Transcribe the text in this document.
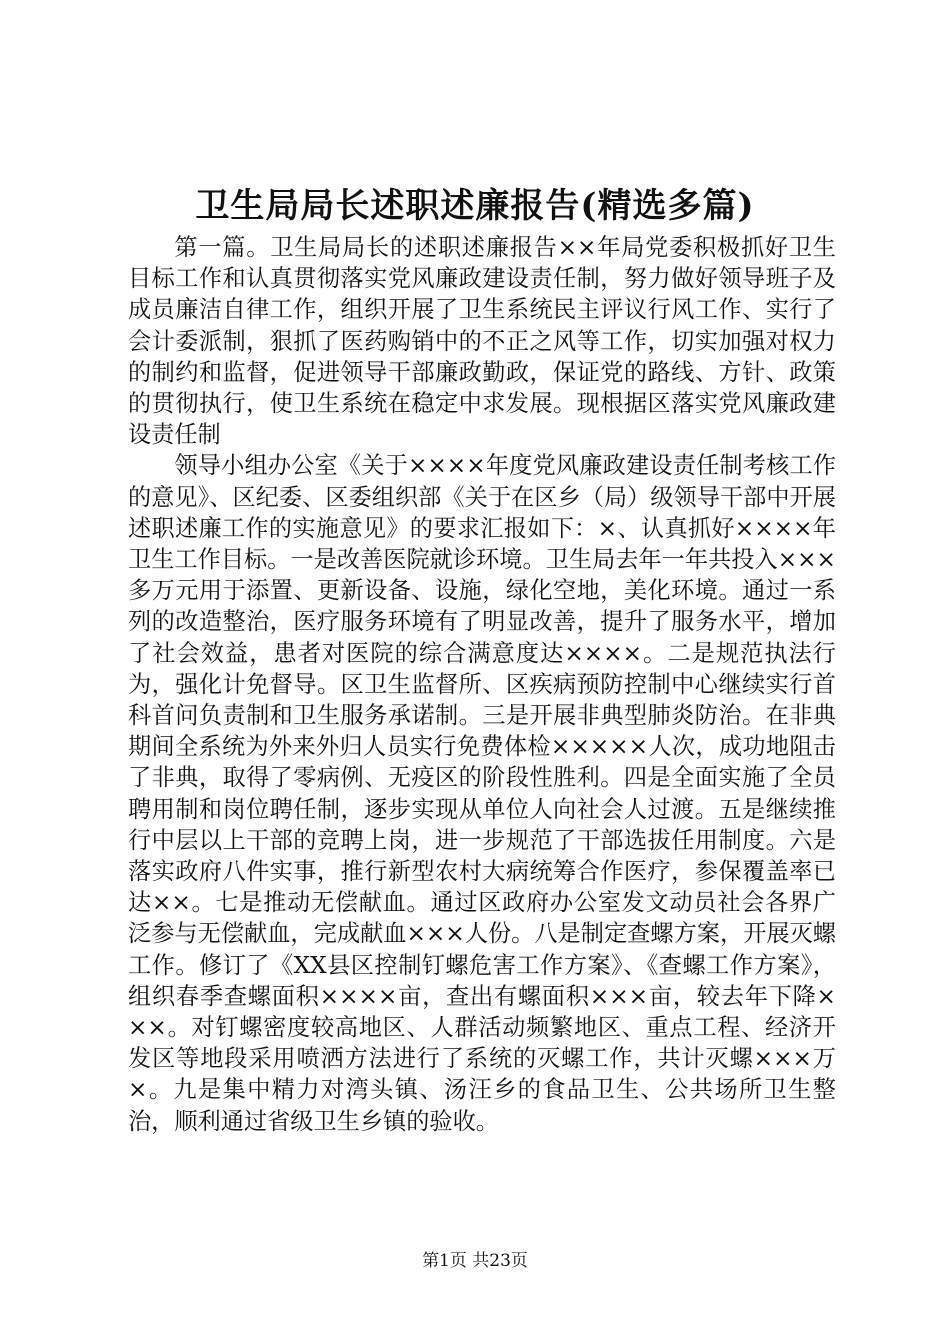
卫生局局长述职述廉报告(精选多篇)

第一篇。卫生局局长的述职述廉报告××年局党委积极抓好卫生目标工作和认真贯彻落实党风廉政建设责任制，努力做好领导班子及成员廉洁自律工作，组织开展了卫生系统民主评议行风工作、实行了会计委派制，狠抓了医药购销中的不正之风等工作，切实加强对权力的制约和监督，促进领导干部廉政勤政，保证党的路线、方针、政策的贯彻执行，使卫生系统在稳定中求发展。现根据区落实党风廉政建设责任制

领导小组办公室《关于××××年度党风廉政建设责任制考核工作的意见》、区纪委、区委组织部《关于在区乡（局）级领导干部中开展述职述廉工作的实施意见》的要求汇报如下：×、认真抓好××××年卫生工作目标。一是改善医院就诊环境。卫生局去年一年共投入×××多万元用于添置、更新设备、设施，绿化空地，美化环境。通过一系列的改造整治，医疗服务环境有了明显改善，提升了服务水平，增加了社会效益，患者对医院的综合满意度达××××。二是规范执法行为，强化计免督导。区卫生监督所、区疾病预防控制中心继续实行首科首问负责制和卫生服务承诺制。三是开展非典型肺炎防治。在非典期间全系统为外来外归人员实行免费体检×××××人次，成功地阻击了非典，取得了零病例、无疫区的阶段性胜利。四是全面实施了全员聘用制和岗位聘任制，逐步实现从单位人向社会人过渡。五是继续推行中层以上干部的竞聘上岗，进一步规范了干部选拔任用制度。六是落实政府八件实事，推行新型农村大病统筹合作医疗，参保覆盖率已达××。七是推动无偿献血。通过区政府办公室发文动员社会各界广泛参与无偿献血，完成献血×××人份。八是制定查螺方案，开展灭螺工作。修订了《XX县区控制钉螺危害工作方案》、《查螺工作方案》，组织春季查螺面积××××亩，查出有螺面积×××亩，较去年下降×××。对钉螺密度较高地区、人群活动频繁地区、重点工程、经济开发区等地段采用喷洒方法进行了系统的灭螺工作，共计灭螺×××万×。九是集中精力对湾头镇、汤汪乡的食品卫生、公共场所卫生整治，顺利通过省级卫生乡镇的验收。

第1页 共23页
